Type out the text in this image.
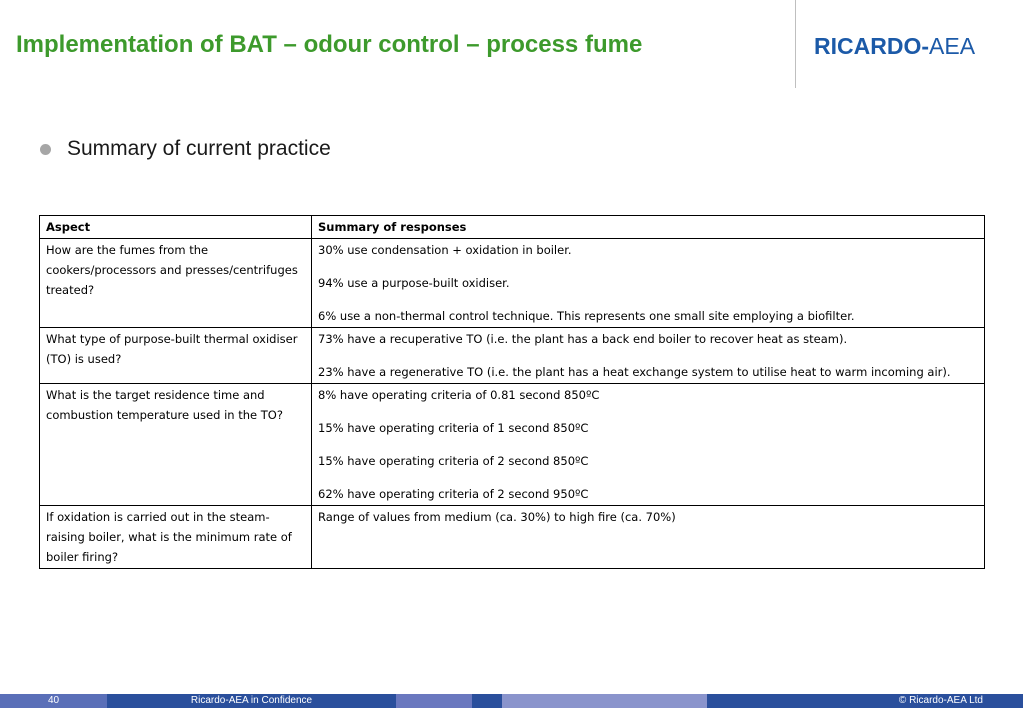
Implementation of BAT – odour control – process fume	RICARDO-AEA
Summary of current practice
Aspect	Summary of responses
How are the fumes from the cookers/processors and presses/centrifuges treated?	30% use condensation + oxidation in boiler.

94% use a purpose-built oxidiser.

6% use a non-thermal control technique. This represents one small site employing a biofilter.

What type of purpose-built thermal oxidiser (TO) is used?	73% have a recuperative TO (i.e. the plant has a back end boiler to recover heat as steam).

23% have a regenerative TO (i.e. the plant has a heat exchange system to utilise heat to warm incoming air).

What is the target residence time and combustion temperature used in the TO?	8% have operating criteria of 0.81 second 850ºC

15% have operating criteria of 1 second 850ºC

15% have operating criteria of 2 second 850ºC

62% have operating criteria of 2 second 950ºC

If oxidation is carried out in the steam-raising boiler, what is the minimum rate of boiler firing?	Range of values from medium (ca. 30%) to high fire (ca. 70%)

40	Ricardo-AEA in Confidence	© Ricardo-AEA Ltd
